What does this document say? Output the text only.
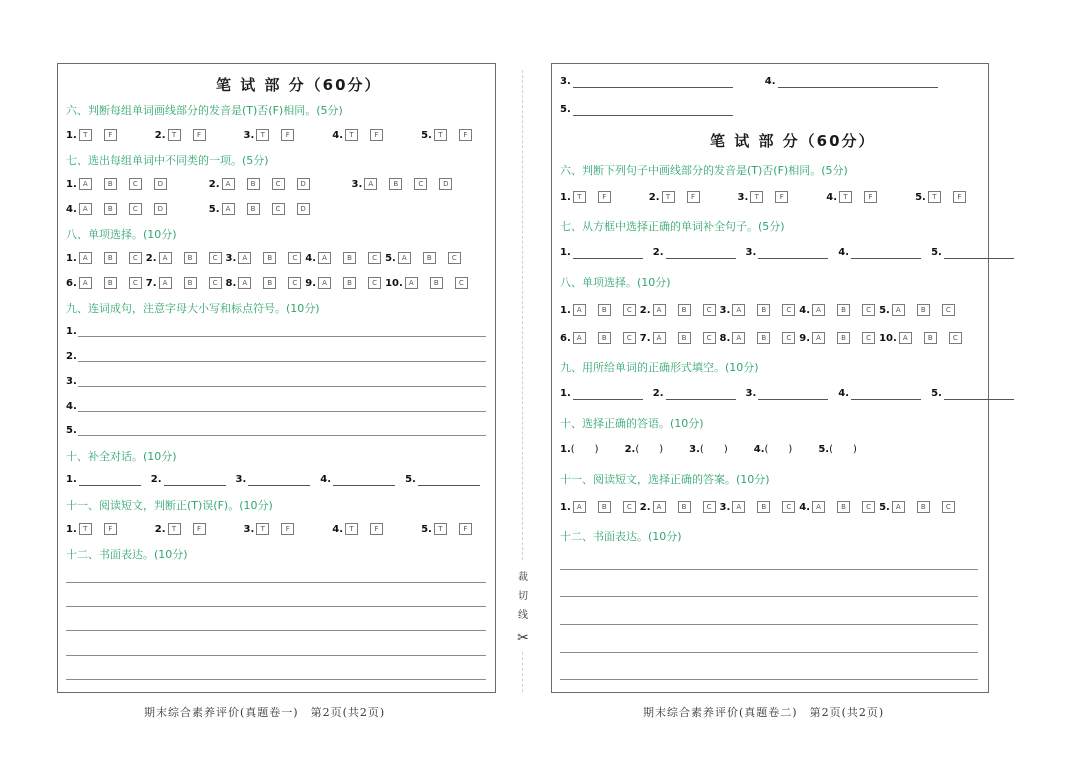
笔 试 部 分（60分）
六、判断每组单词画线部分的发音是(T)否(F)相同。(5分)
1. T	F	2. T	F	3. T	F	4. T	F	5. T	F
七、选出每组单词中不同类的一项。(5分)
1. A	B	C	D	2. A	B	C	D	3. A	B	C	D
4. A	B	C	D	5. A	B	C	D
八、单项选择。(10分)
1. A	B	C 2. A	B	C 3. A	B	C 4. A	B	C 5. A	B	C
6. A	B	C 7. A	B	C 8. A	B	C 9. A	B	C 10. A	B	C
九、连词成句，注意字母大小写和标点符号。(10分)
1.
2.
3.
4.
5.
十、补全对话。(10分)
1.	2.	3.	4.	5.
十一、阅读短文，判断正(T)误(F)。(10分)
1. T	F	2. T	F	3. T	F	4. T	F	5. T	F
十二、书面表达。(10分)
期末综合素养评价(真题卷一)　第2页(共2页)
裁
切
线
✂
3.	4.
5.
笔 试 部 分（60分）
六、判断下列句子中画线部分的发音是(T)否(F)相同。(5分)
1. T	F	2. T	F	3. T	F	4. T	F	5. T	F
七、从方框中选择正确的单词补全句子。(5分)
1.	2.	3.	4.	5.
八、单项选择。(10分)
1. A	B	C 2. A	B	C 3. A	B	C 4. A	B	C 5. A	B	C
6. A	B	C 7. A	B	C 8. A	B	C 9. A	B	C 10. A	B	C
九、用所给单词的正确形式填空。(10分)
1.	2.	3.	4.	5.
十、选择正确的答语。(10分)
1.(　　)	2.(　　)	3.(　　)	4.(　　)	5.(　　)
十一、阅读短文，选择正确的答案。(10分)
1. A	B	C 2. A	B	C 3. A	B	C 4. A	B	C 5. A	B	C
十二、书面表达。(10分)
期末综合素养评价(真题卷二)　第2页(共2页)
